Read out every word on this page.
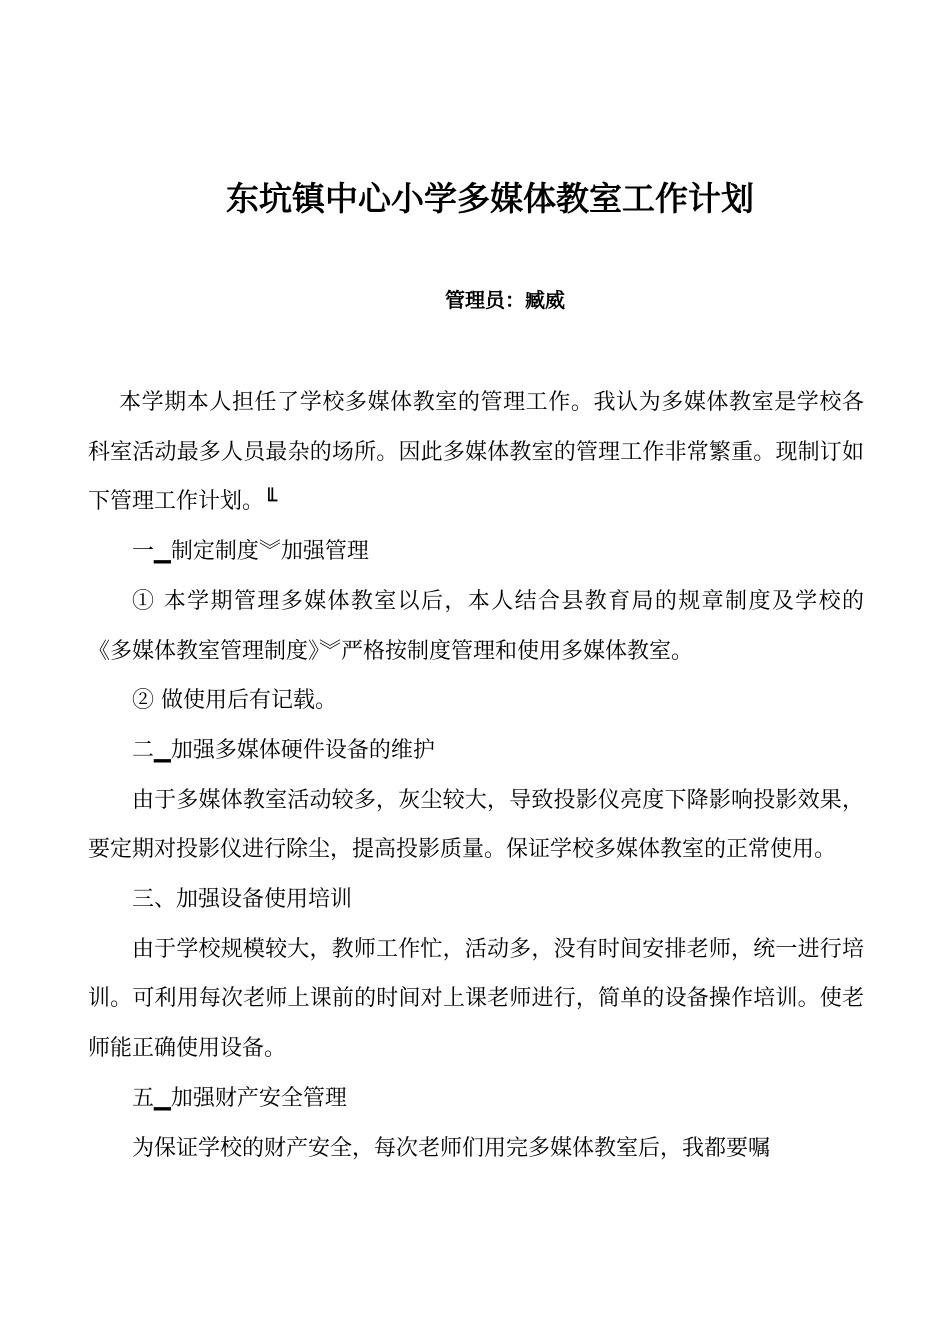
东坑镇中心小学多媒体教室工作计划
管理员：臧威

本学期本人担任了学校多媒体教室的管理工作。我认为多媒体教室是学校各科室活动最多人员最杂的场所。因此多媒体教室的管理工作非常繁重。现制订如下管理工作计划。╙

一▁制定制度︾加强管理

① 本学期管理多媒体教室以后，本人结合县教育局的规章制度及学校的《多媒体教室管理制度》︾严格按制度管理和使用多媒体教室。

② 做使用后有记载。

二▁加强多媒体硬件设备的维护

由于多媒体教室活动较多，灰尘较大，导致投影仪亮度下降影响投影效果，要定期对投影仪进行除尘，提高投影质量。保证学校多媒体教室的正常使用。

三、加强设备使用培训

由于学校规模较大，教师工作忙，活动多，没有时间安排老师，统一进行培训。可利用每次老师上课前的时间对上课老师进行，简单的设备操作培训。使老师能正确使用设备。

五▁加强财产安全管理

为保证学校的财产安全，每次老师们用完多媒体教室后，我都要嘱
